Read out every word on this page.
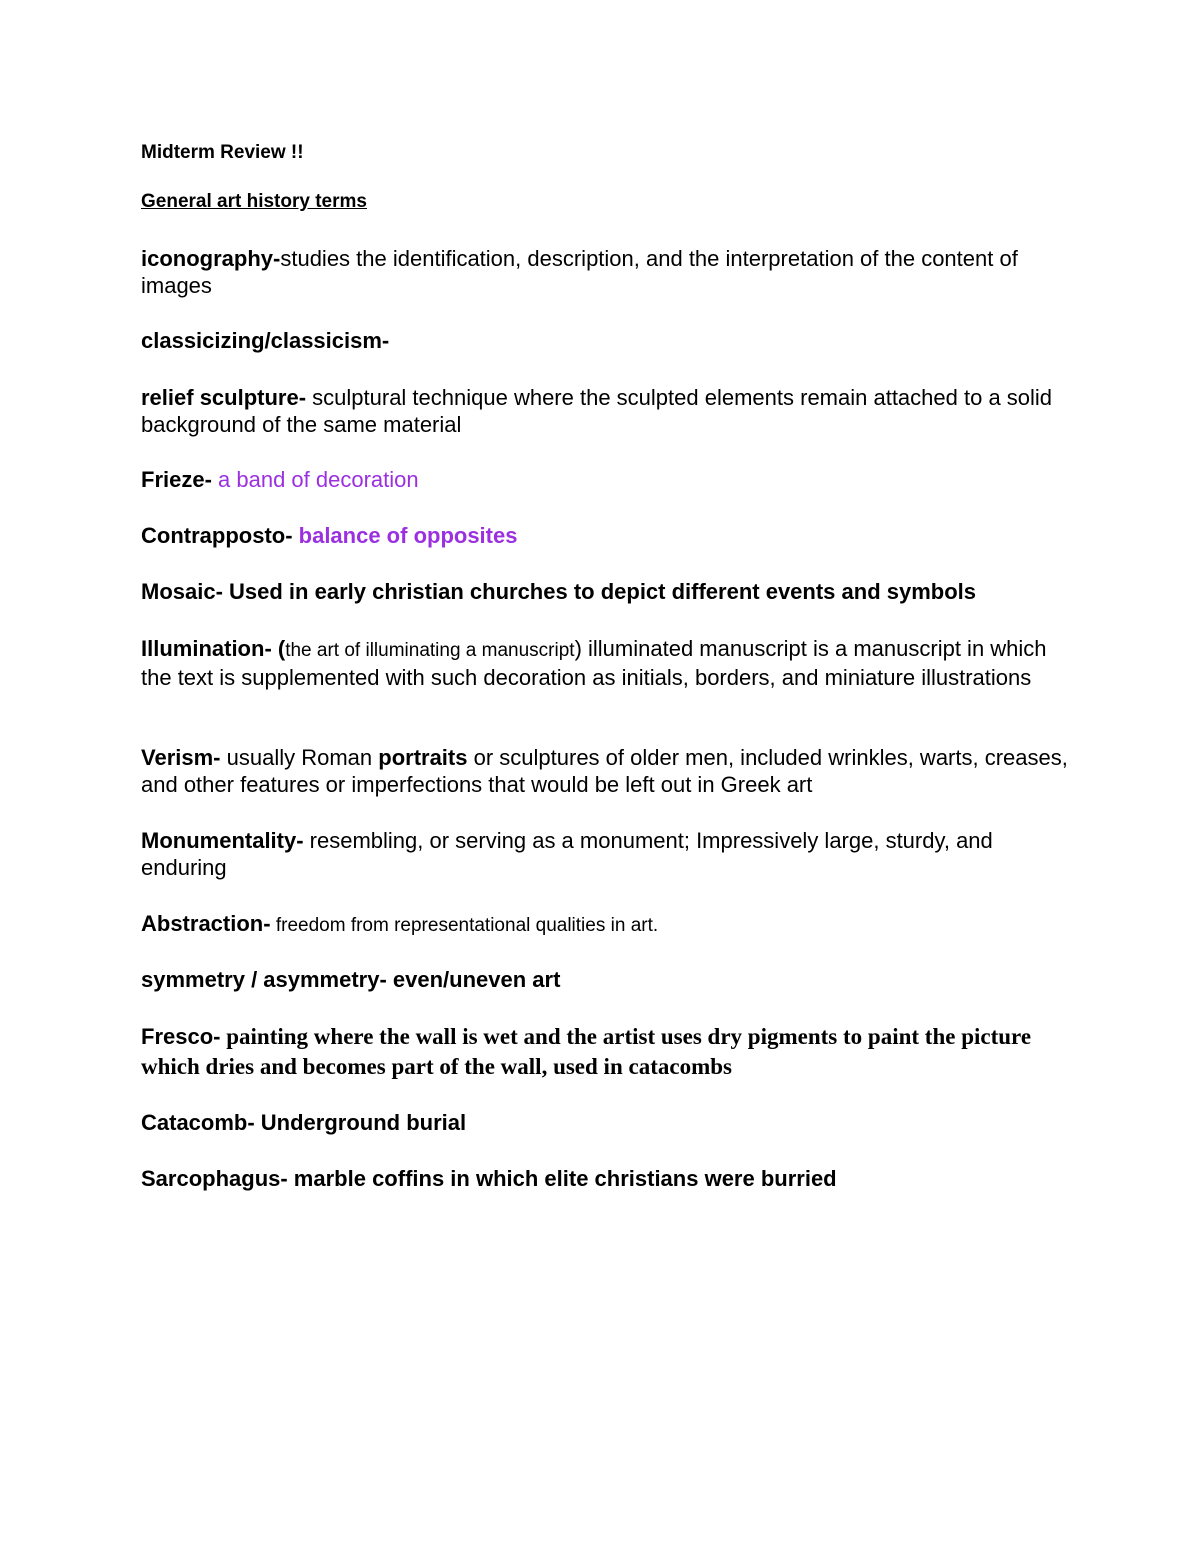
Midterm Review !!

General art history terms

iconography-studies the identification, description, and the interpretation of the content of images

classicizing/classicism-

relief sculpture- sculptural technique where the sculpted elements remain attached to a solid background of the same material

Frieze- a band of decoration

Contrapposto- balance of opposites

Mosaic- Used in early christian churches to depict different events and symbols

Illumination- (the art of illuminating a manuscript) illuminated manuscript is a manuscript in which the text is supplemented with such decoration as initials, borders, and miniature illustrations

Verism- usually Roman portraits or sculptures of older men, included wrinkles, warts, creases, and other features or imperfections that would be left out in Greek art

Monumentality- resembling, or serving as a monument; Impressively large, sturdy, and enduring

Abstraction- freedom from representational qualities in art.

symmetry / asymmetry- even/uneven art

Fresco- painting where the wall is wet and the artist uses dry pigments to paint the picture which dries and becomes part of the wall, used in catacombs

Catacomb- Underground burial

Sarcophagus- marble coffins in which elite christians were burried
